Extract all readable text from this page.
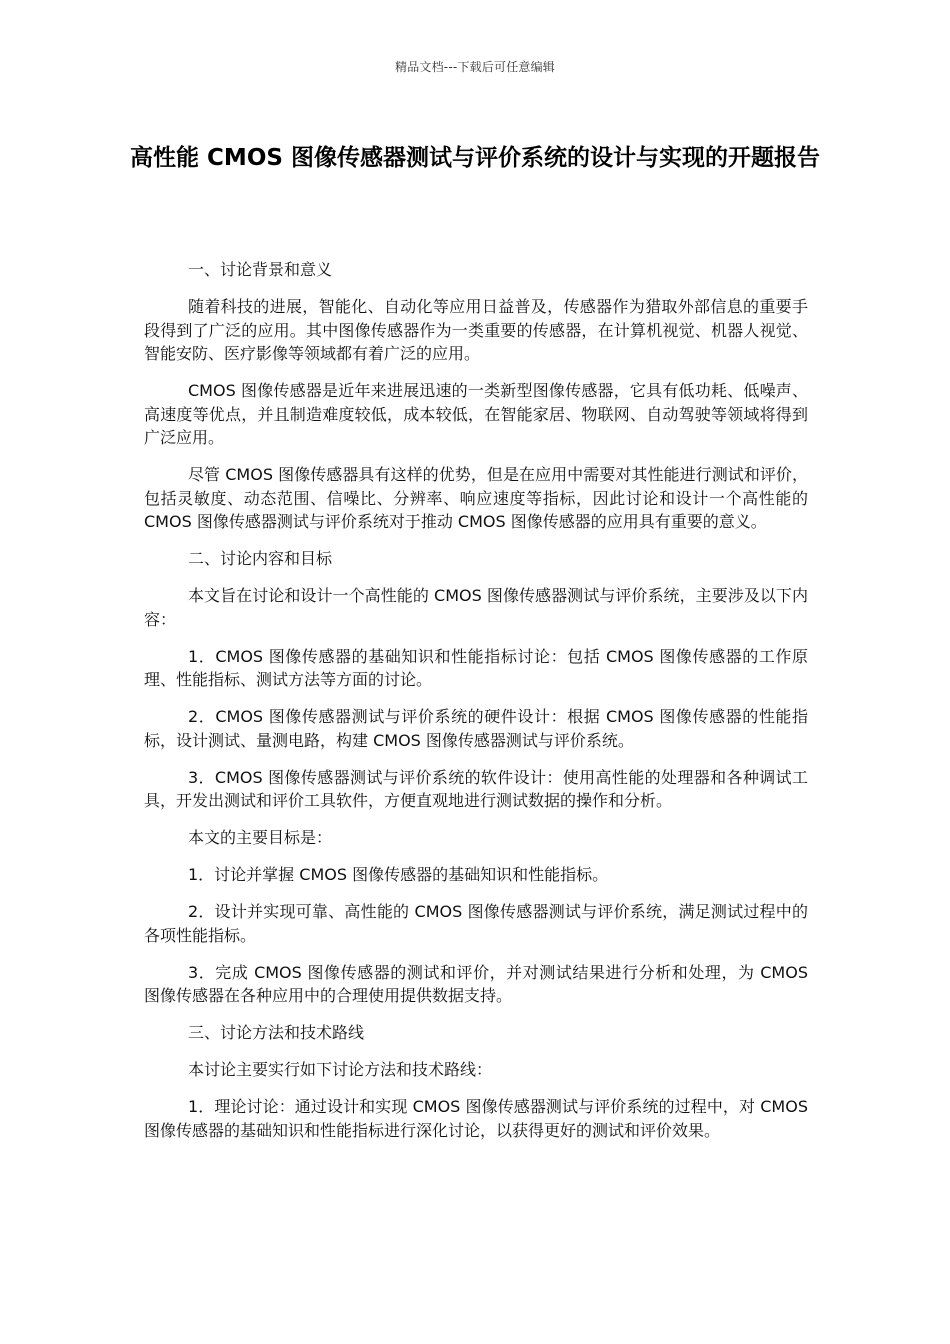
精品文档---下载后可任意编辑
高性能 CMOS 图像传感器测试与评价系统的设计与实现的开题报告

一、讨论背景和意义

随着科技的进展，智能化、自动化等应用日益普及，传感器作为猎取外部信息的重要手段得到了广泛的应用。其中图像传感器作为一类重要的传感器，在计算机视觉、机器人视觉、智能安防、医疗影像等领域都有着广泛的应用。

CMOS 图像传感器是近年来进展迅速的一类新型图像传感器，它具有低功耗、低噪声、高速度等优点，并且制造难度较低，成本较低，在智能家居、物联网、自动驾驶等领域将得到广泛应用。

尽管 CMOS 图像传感器具有这样的优势，但是在应用中需要对其性能进行测试和评价，包括灵敏度、动态范围、信噪比、分辨率、响应速度等指标，因此讨论和设计一个高性能的 CMOS 图像传感器测试与评价系统对于推动 CMOS 图像传感器的应用具有重要的意义。

二、讨论内容和目标

本文旨在讨论和设计一个高性能的 CMOS 图像传感器测试与评价系统，主要涉及以下内容：

1．CMOS 图像传感器的基础知识和性能指标讨论：包括 CMOS 图像传感器的工作原理、性能指标、测试方法等方面的讨论。

2．CMOS 图像传感器测试与评价系统的硬件设计：根据 CMOS 图像传感器的性能指标，设计测试、量测电路，构建 CMOS 图像传感器测试与评价系统。

3．CMOS 图像传感器测试与评价系统的软件设计：使用高性能的处理器和各种调试工具，开发出测试和评价工具软件，方便直观地进行测试数据的操作和分析。

本文的主要目标是：

1．讨论并掌握 CMOS 图像传感器的基础知识和性能指标。

2．设计并实现可靠、高性能的 CMOS 图像传感器测试与评价系统，满足测试过程中的各项性能指标。

3．完成 CMOS 图像传感器的测试和评价，并对测试结果进行分析和处理，为 CMOS 图像传感器在各种应用中的合理使用提供数据支持。

三、讨论方法和技术路线

本讨论主要实行如下讨论方法和技术路线：

1．理论讨论：通过设计和实现 CMOS 图像传感器测试与评价系统的过程中，对 CMOS 图像传感器的基础知识和性能指标进行深化讨论，以获得更好的测试和评价效果。
